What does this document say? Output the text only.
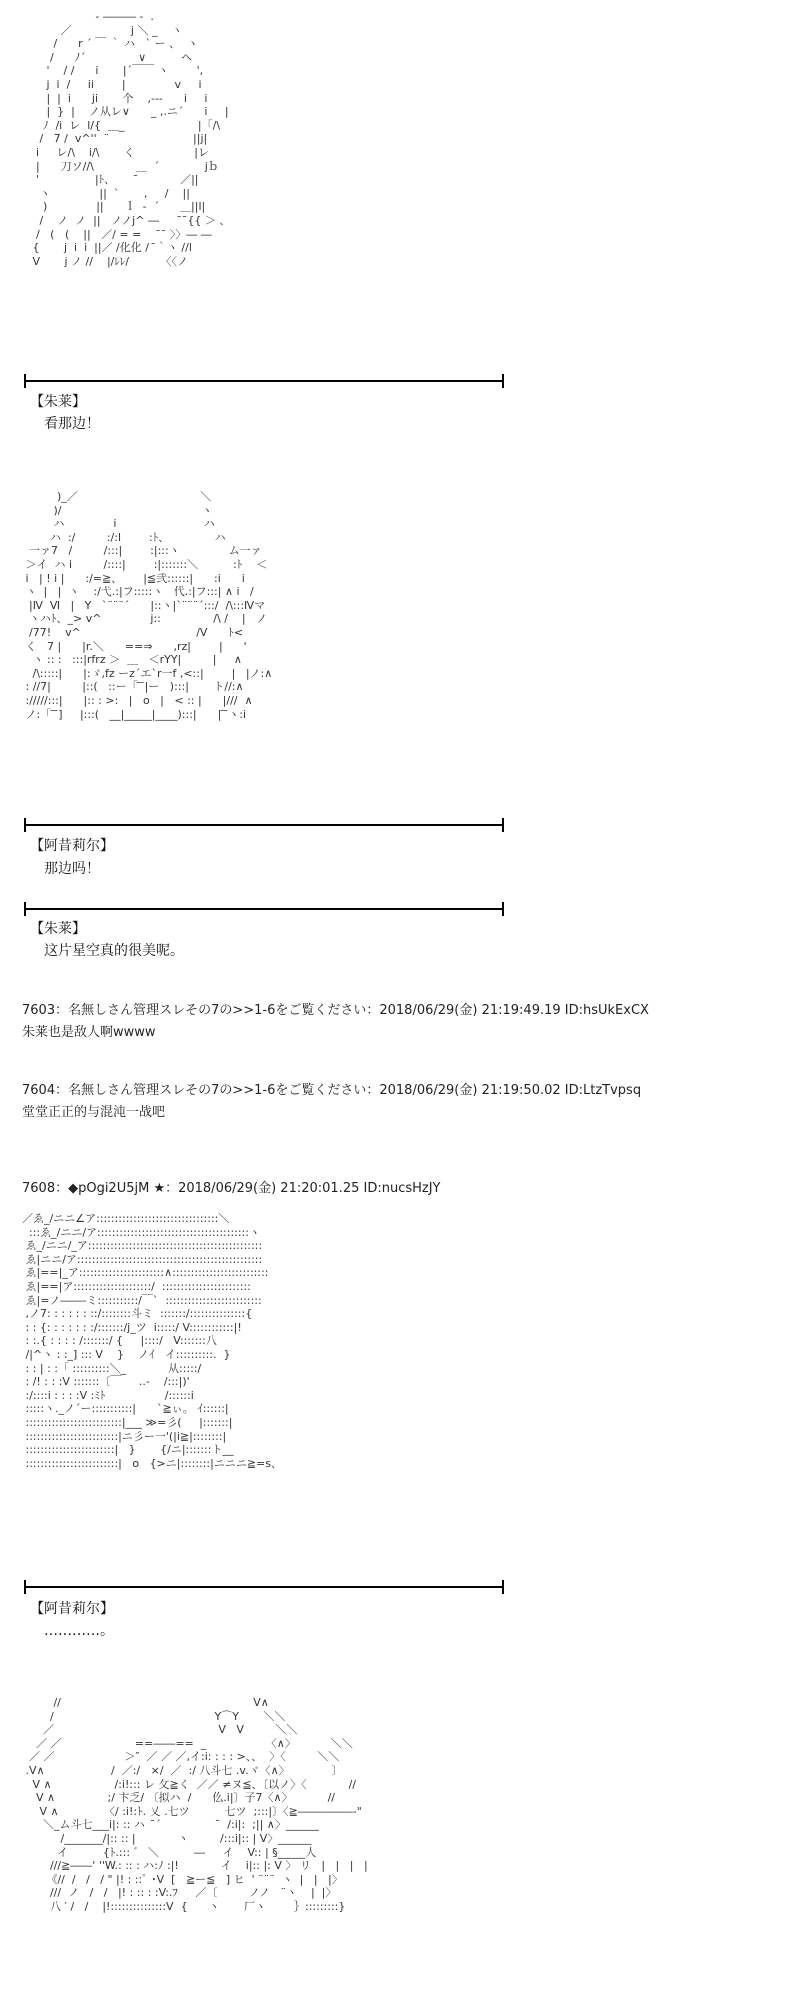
- ――― -  .
／                 j ＼ _    ヽ
/      r ´ ￣ ｀ ハ   ` ー 、  ヽ
/      ﾉ´               ∨          ヘ
'    / /      i       |´￣￣ ヽ        ',
j  i  /     ii        |              v     i
|  |  i      ji       个    ,---      i     i
|  }  |    ノ从レ∨      _ ,.ニ´      i     |
ﾉ  /i  レ  l/{  ＿_                     |「/\
/   7 /  v^''  ¨                        ||j|
i     レ/\    i/\       く                 |レ
|      刀ソ//\            ＿  ´             jｂ
'                |ﾄ、     ¯            ／||
ヽ              ||  `       ,     /    ||
)              ||      ｌ  -  ´      ＿||l|
/    ノ  ノ  ||   ノノj^ ―     ¯¯{{ ＞ 、
/   (   (    ||   ／/ = =    ¯¯ 〉〉― ―
{       j  i  i  ||／ /化化 /  ̄｀ヽ //l
V       j ノ //    |/ﾚﾚ/         〈〈ノ
【朱莱】
看那边！
)_／                                   ＼
)/                                        ヽ
ハ              i                         ハ
ハ  :/         :/:l        :ﾄ、             ハ
一ァ7   /         /:::|        :|:::ヽ              ム一ァ
＞イ  ハ i         /::::|        :|:::::::＼          :ﾄ    ＜
i   | ! i |      :/=≧、      |≦弐::::::|      :i      i
ヽ  |   |  ヽ    :/弋.:|フ:::::ヽ   代.:|フ:::| ∧ i   /
|Ⅳ  Ⅵ   |   Y   `¨¨¨´      |::ヽ|`¨¨¨´:::/  /\:::Ⅳマ
ヽハﾄ、_> v^              j::               /\ /    |   ノ
/77!    v^                                 /V      ﾄ<
く   7 |      |r.＼      ==⇒      ,rz|        |      '
ヽ :: :   :::|rfrz ＞  ＿   ＜rYY|         |     ∧
/\:::::|      |:ゞ,fz ーz´エ`r一f ,<::|        |   |ノ:∧
: //7|         |::(   ::ー「 ̄ ̄|ー   ):::|       ト//:∧
://///:::|      |:: : >:   |   o   |   < :: |      |///  ∧
ノ:「 ̄ ̄]     |:::(   __|_____|____):::|      | ̄ ̄ヽ:i
【阿昔莉尔】
那边吗！
【朱莱】
这片星空真的很美呢。
7603：名無しさん管理スレその7の>>1-6をご覧ください：2018/06/29(金) 21:19:49.19 ID:hsUkExCX
朱莱也是敌人啊wwww
7604：名無しさん管理スレその7の>>1-6をご覧ください：2018/06/29(金) 21:19:50.02 ID:LtzTvpsq
堂堂正正的与混沌一战吧
7608：◆pOgi2U5jM ★：2018/06/29(金) 21:20:01.25 ID:nucsHzJY
／ゑ_/ニニ∠ア:::::::::::::::::::::::::::::::::＼
:::ゑ_/ニニ/ア:::::::::::::::::::::::::::::::::::::::::ヽ
ゑ_/ニニ/_ア:::::::::::::::::::::::::::::::::::::::::::::::
ゑ|ニニ/ア::::::::::::::::::::::::::::::::::::::::::::::::::
ゑ|==|_ア:::::::::::::::::::::::∧::::::::::::::::::::::::::
ゑ|==|ア:::::::::::::::::::::/  ::::::::::::::::::::::::
ゑ|=ノ――-ミ:::::::::::/￣`  ::::::::::::::::::::::::::
,ノ7: : : : : : ::/::::::::斗ミ  :::::::/:::::::::::::::{
: : {: : : : : : :/:::::::/j_ツ  i:::::/ V::::::::::::|!
: :.{ : : : : /:::::::/ {     |::::/   V:::::::八
/|^ヽ : :_] ::: V    }    ノｲ   イ::::::::::.  }
: : | : :「 ::::::::::＼_            从:::::/
: /! : : :V :::::::〔￣     ..-    /:::|)'
:/::::i : : : :V :ﾐﾄ                 /::::::i
:::::ヽ._ノ´ー:::::::::::|      `≧ぃ。 ｲ::::::|
::::::::::::::::::::::::::|___ ≫=彡(     |:::::::|
:::::::::::::::::::::::::|ニ彡ー一'(|i≧|::::::::|
::::::::::::::::::::::::|   }       {/ニ|:::::::ト__
:::::::::::::::::::::::::|   o   {>ニ|::::::::|ニニニ≧=s、
【阿昔莉尔】
…………。
//                                                       V∧
/                                              Y⌒Y       ＼＼
／                                               V   V         ＼＼
／ ／                     ==――==  _                 〈∧〉          ＼＼
／ ／                    ＞″  ／ ／ ／,イ:i: : : : >、、  〉〈         ＼＼
.V∧                   /  ／:/   ×/  ／  :/ 八斗七 .v.ヾ〈∧〉            〕
V ∧                  /:i!::: レ 攵≧く  ／／ ≠ヌ≦、〔以ノ〉〈            //
V ∧               ;/ 卞乏/ 〔拟ハ  /      仫.i|〕子7〈∧〉          //
V ∧             〈/ :i!:ﾄ. 乂 .七ツ          七ツ  ;:::|〕〈≧―――――-"
＼_ム斗七___i|: :: ハ   ̄´                 ̄  /:i|:  ;|| ∧〉______
/_______/|:: :: |            ヽ         /:::i|:: | V〉______
イ          {ﾄ.::: ゛ ＼          ―     イ    V:: | §_____人
///≧――' ''W.: :: : ハ:ﾉ :|!            イ    i|:: |: V 〉 リ   |   |   |   |
《//  /   /   / " |! : ::ﾟ ･V  [   ≧ー≦   ] ヒ  ' ¨¨¨  ヽ  |   |   |〉
///  ノ   /   /   |! : :: : :V:.ﾌ     ／〔         ノノ   ¨ヽ    |  |〉
八 ′ /   /    |!:::::::::::::::V  {      ヽ       厂ヽ        ｝:::::::::}
